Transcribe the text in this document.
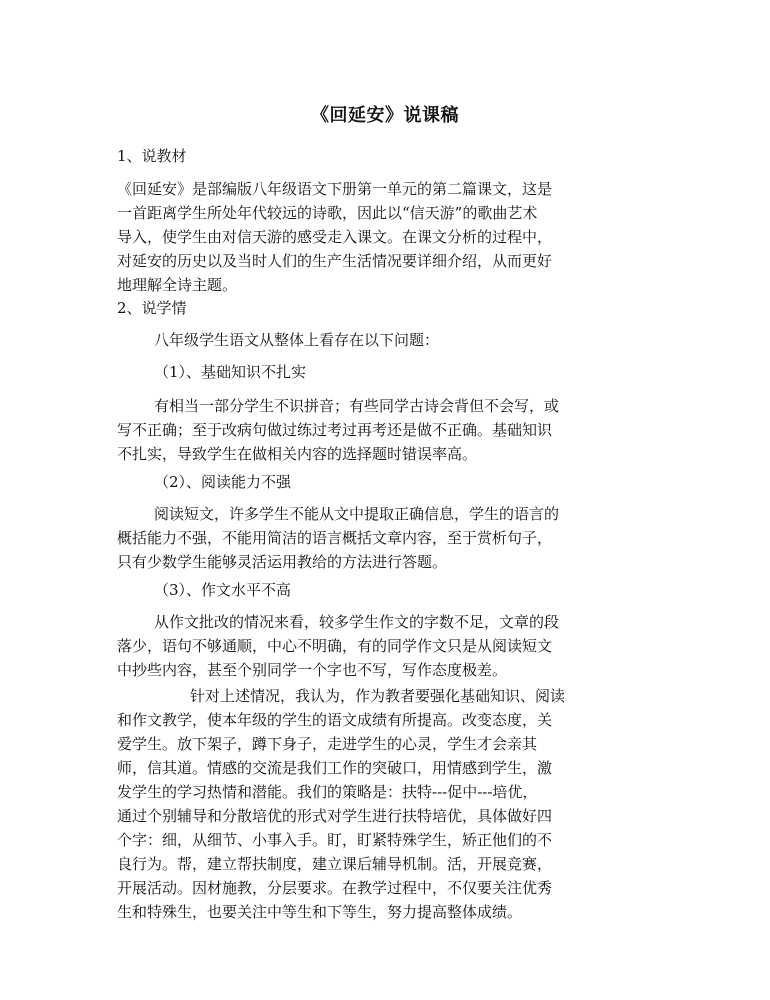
《回延安》说课稿
1、说教材
《回延安》是部编版八年级语文下册第一单元的第二篇课文，这是
一首距离学生所处年代较远的诗歌，因此以“信天游”的歌曲艺术
导入，使学生由对信天游的感受走入课文。在课文分析的过程中，
对延安的历史以及当时人们的生产生活情况要详细介绍，从而更好
地理解全诗主题。
2、说学情
八年级学生语文从整体上看存在以下问题：
（1）、基础知识不扎实
有相当一部分学生不识拼音；有些同学古诗会背但不会写，或
写不正确；至于改病句做过练过考过再考还是做不正确。基础知识
不扎实，导致学生在做相关内容的选择题时错误率高。
（2）、阅读能力不强
阅读短文，许多学生不能从文中提取正确信息，学生的语言的
概括能力不强，不能用简洁的语言概括文章内容，至于赏析句子，
只有少数学生能够灵活运用教给的方法进行答题。
（3）、作文水平不高
从作文批改的情况来看，较多学生作文的字数不足，文章的段
落少，语句不够通顺，中心不明确，有的同学作文只是从阅读短文
中抄些内容，甚至个别同学一个字也不写，写作态度极差。
针对上述情况，我认为，作为教者要强化基础知识、阅读
和作文教学，使本年级的学生的语文成绩有所提高。改变态度，关
爱学生。放下架子，蹲下身子，走进学生的心灵，学生才会亲其
师，信其道。情感的交流是我们工作的突破口，用情感到学生，激
发学生的学习热情和潜能。我们的策略是：扶特---促中---培优，
通过个别辅导和分散培优的形式对学生进行扶特培优，具体做好四
个字：细，从细节、小事入手。盯，盯紧特殊学生，矫正他们的不
良行为。帮，建立帮扶制度，建立课后辅导机制。活，开展竞赛，
开展活动。因材施教，分层要求。在教学过程中，不仅要关注优秀
生和特殊生，也要关注中等生和下等生，努力提高整体成绩。
